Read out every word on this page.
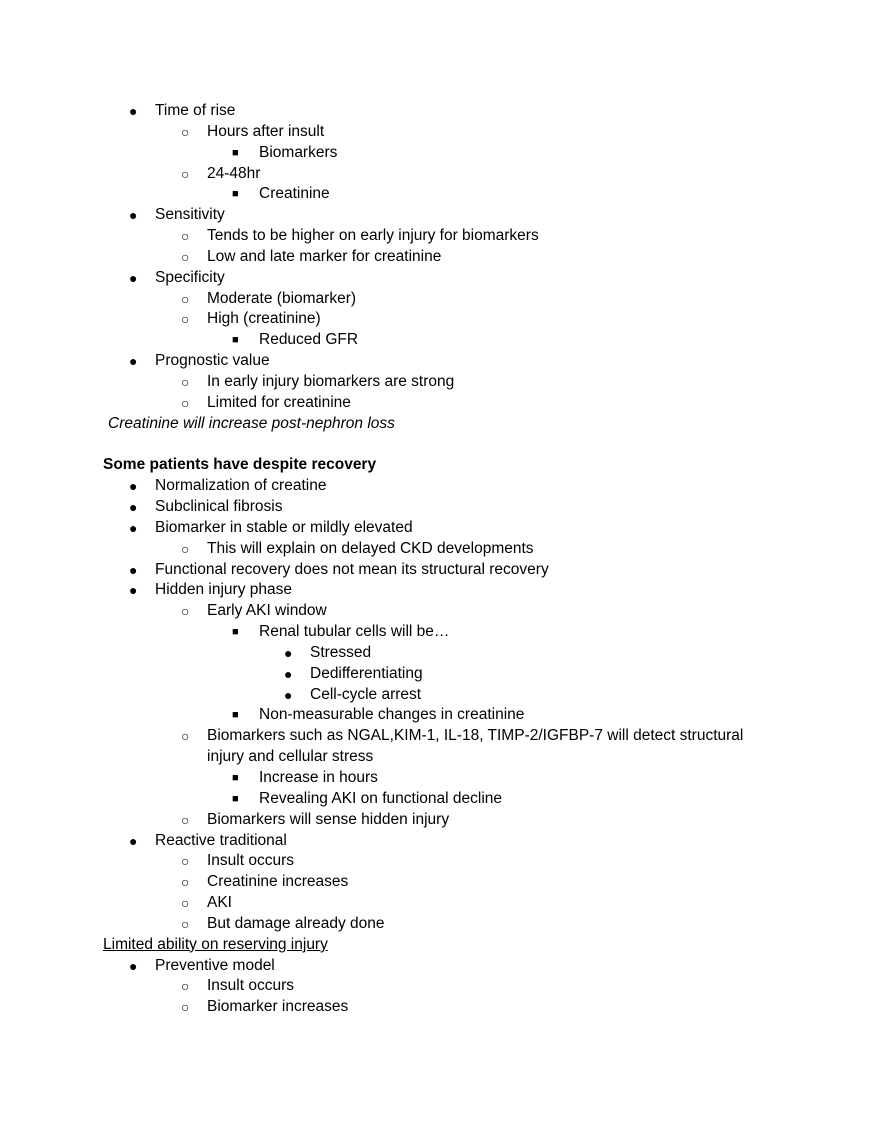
● Time of rise
○ Hours after insult
■ Biomarkers
○ 24-48hr
■ Creatinine
● Sensitivity
○ Tends to be higher on early injury for biomarkers
○ Low and late marker for creatinine
● Specificity
○ Moderate (biomarker)
○ High (creatinine)
■ Reduced GFR
● Prognostic value
○ In early injury biomarkers are strong
○ Limited for creatinine
Creatinine will increase post-nephron loss
Some patients have despite recovery
● Normalization of creatine
● Subclinical fibrosis
● Biomarker in stable or mildly elevated
○ This will explain on delayed CKD developments
● Functional recovery does not mean its structural recovery
● Hidden injury phase
○ Early AKI window
■ Renal tubular cells will be…
● Stressed
● Dedifferentiating
● Cell-cycle arrest
■ Non-measurable changes in creatinine
○ Biomarkers such as NGAL,KIM-1, IL-18, TIMP-2/IGFBP-7 will detect structural injury and cellular stress
■ Increase in hours
■ Revealing AKI on functional decline
○ Biomarkers will sense hidden injury
● Reactive traditional
○ Insult occurs
○ Creatinine increases
○ AKI
○ But damage already done
Limited ability on reserving injury
● Preventive model
○ Insult occurs
○ Biomarker increases
